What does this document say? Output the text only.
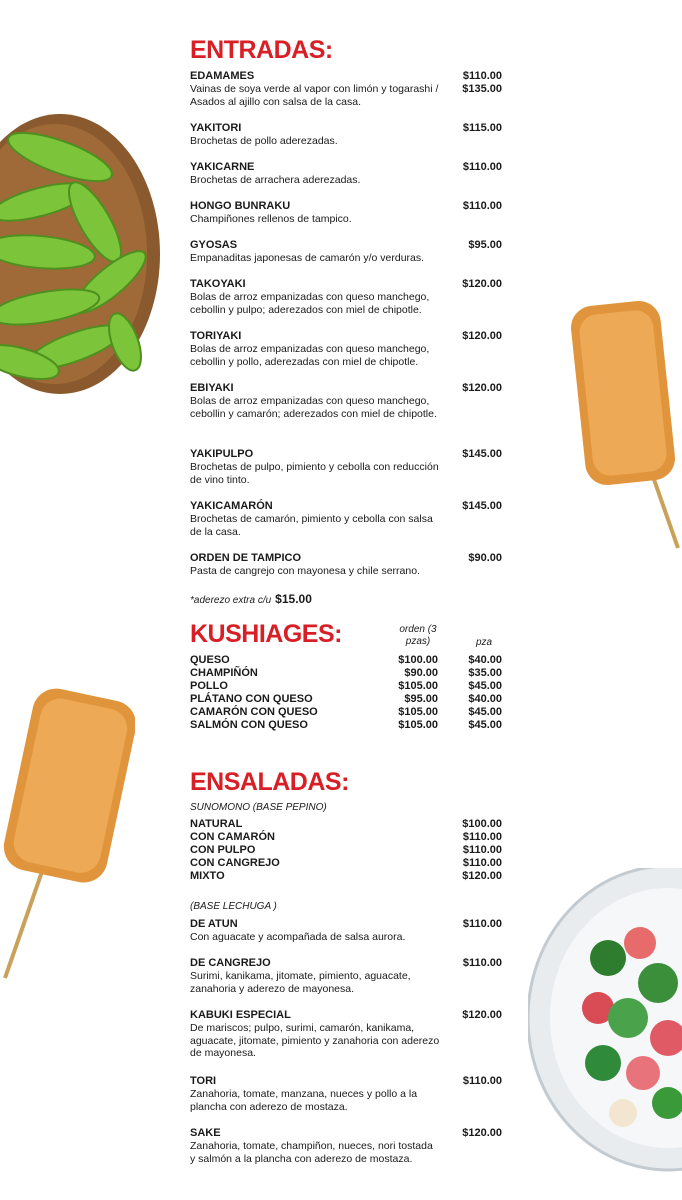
ENTRADAS:
EDAMAMES
Vainas de soya verde al vapor con limón y togarashi / Asados al ajillo con salsa de la casa.
$110.00
$135.00
YAKITORI
Brochetas de pollo aderezadas.
$115.00
YAKICARNE
Brochetas de arrachera aderezadas.
$110.00
HONGO BUNRAKU
Champiñones rellenos de tampico.
$110.00
GYOSAS
Empanaditas japonesas de camarón y/o verduras.
$95.00
TAKOYAKI
Bolas de arroz empanizadas con queso manchego, cebollin y pulpo; aderezados con miel de chipotle.
$120.00
TORIYAKI
Bolas de arroz empanizadas con queso manchego, cebollin y pollo, aderezadas con miel de chipotle.
$120.00
EBIYAKI
Bolas de arroz empanizadas con queso manchego, cebollin y camarón; aderezados con miel de chipotle.
$120.00
YAKIPULPO
Brochetas de pulpo, pimiento y cebolla con reducción de vino tinto.
$145.00
YAKICAMARÓN
Brochetas de camarón, pimiento y cebolla con salsa de la casa.
$145.00
ORDEN DE TAMPICO
Pasta de cangrejo con mayonesa y chile serrano.
$90.00
*aderezo extra c/u $15.00
KUSHIAGES:	orden (3 pzas)	pza
QUESO	$100.00	$40.00
CHAMPIÑÓN	$90.00	$35.00
POLLO	$105.00	$45.00
PLÁTANO CON QUESO	$95.00	$40.00
CAMARÓN CON QUESO	$105.00	$45.00
SALMÓN CON QUESO	$105.00	$45.00
ENSALADAS:
SUNOMONO (BASE PEPINO)
NATURAL	$100.00
CON CAMARÓN	$110.00
CON PULPO	$110.00
CON CANGREJO	$110.00
MIXTO	$120.00
(BASE LECHUGA )
DE ATUN
Con aguacate y acompañada de salsa aurora.
$110.00
DE CANGREJO
Surimi, kanikama, jitomate, pimiento, aguacate, zanahoria y aderezo de mayonesa.
$110.00
KABUKI ESPECIAL
De mariscos; pulpo, surimi, camarón, kanikama, aguacate, jitomate, pimiento y zanahoria con aderezo de mayonesa.
$120.00
TORI
Zanahoria, tomate, manzana, nueces y pollo a la plancha con aderezo de mostaza.
$110.00
SAKE
Zanahoria, tomate, champiñon, nueces, nori tostada y salmón a la plancha con aderezo de mostaza.
$120.00
